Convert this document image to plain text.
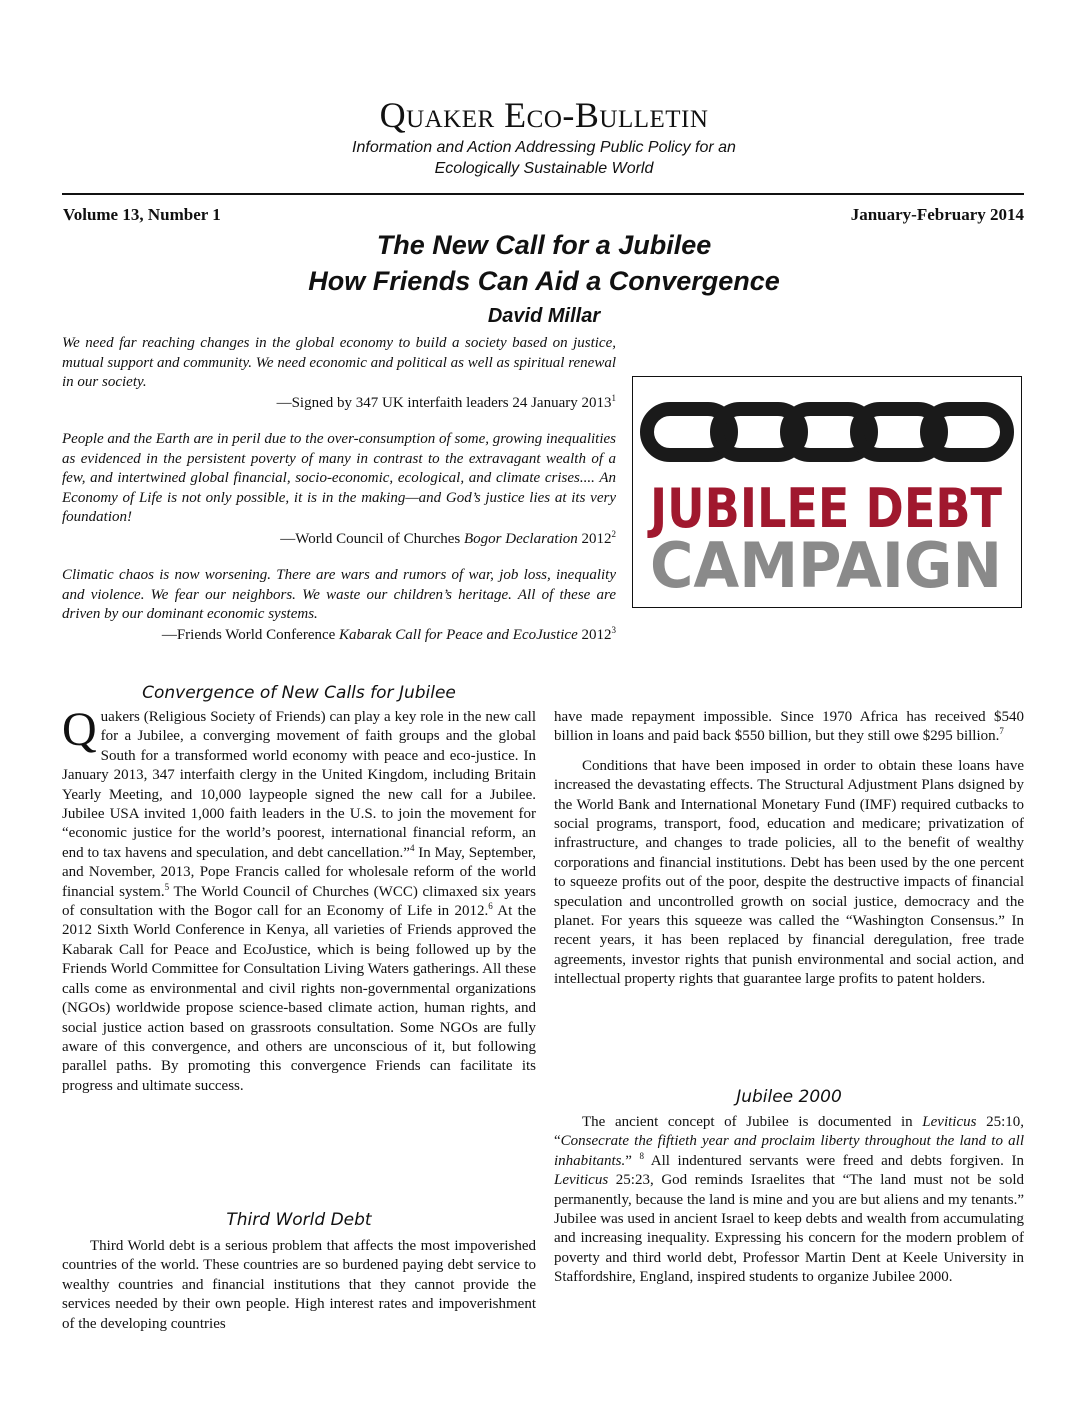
Quaker Eco-Bulletin
Information and Action Addressing Public Policy for an
Ecologically Sustainable World
Volume 13, Number 1	January-February 2014
The New Call for a Jubilee
How Friends Can Aid a Convergence
David Millar
We need far reaching changes in the global economy to build a society based on justice, mutual support and community. We need economic and political as well as spiritual renewal in our society.
—Signed by 347 UK interfaith leaders 24 January 2013$^1$
People and the Earth are in peril due to the over-consumption of some, growing inequalities as evidenced in the persistent poverty of many in contrast to the extravagant wealth of a few, and intertwined global financial, socio-economic, ecological, and climate crises.... An Economy of Life is not only possible, it is in the making—and God’s justice lies at its very foundation!
—World Council of Churches Bogor Declaration 2012$^2$
Climatic chaos is now worsening. There are wars and rumors of war, job loss, inequality and violence. We fear our neighbors. We waste our children’s heritage. All of these are driven by our dominant economic systems.
—Friends World Conference Kabarak Call for Peace and EcoJustice 2012$^3$
JUBILEE DEBT
CAMPAIGN
Convergence of New Calls for Jubilee

Quakers (Religious Society of Friends) can play a key role in the new call for a Jubilee, a converging movement of faith groups and the global South for a transformed world economy with peace and eco-justice. In January 2013, 347 interfaith clergy in the United Kingdom, including Britain Yearly Meeting, and 10,000 laypeople signed the new call for a Jubilee. Jubilee USA invited 1,000 faith leaders in the U.S. to join the movement for “economic justice for the world’s poorest, international financial reform, an end to tax havens and speculation, and debt cancellation.”$^4$ In May, September, and November, 2013, Pope Francis called for wholesale reform of the world financial system.$^5$ The World Council of Churches (WCC) climaxed six years of consultation with the Bogor call for an Economy of Life in 2012.$^6$ At the 2012 Sixth World Conference in Kenya, all varieties of Friends approved the Kabarak Call for Peace and EcoJustice, which is being followed up by the Friends World Committee for Consultation Living Waters gatherings. All these calls come as environmental and civil rights non-governmental organizations (NGOs) worldwide propose science-based climate action, human rights, and social justice action based on grassroots consultation. Some NGOs are fully aware of this convergence, and others are unconscious of it, but following parallel paths. By promoting this convergence Friends can facilitate its progress and ultimate success.

Third World Debt

Third World debt is a serious problem that affects the most impoverished countries of the world. These countries are so burdened paying debt service to wealthy countries and financial institutions that they cannot provide the services needed by their own people. High interest rates and impoverishment of the developing countries

have made repayment impossible. Since 1970 Africa has received $540 billion in loans and paid back $550 billion, but they still owe $295 billion.$^7$

Conditions that have been imposed in order to obtain these loans have increased the devastating effects. The Structural Adjustment Plans dsigned by the World Bank and International Monetary Fund (IMF) required cutbacks to social programs, transport, food, education and medicare; privatization of infrastructure, and changes to trade policies, all to the benefit of wealthy corporations and financial institutions. Debt has been used by the one percent to squeeze profits out of the poor, despite the destructive impacts of financial speculation and uncontrolled growth on social justice, democracy and the planet. For years this squeeze was called the “Washington Consensus.” In recent years, it has been replaced by financial deregulation, free trade agreements, investor rights that punish environmental and social action, and intellectual property rights that guarantee large profits to patent holders.

Jubilee 2000

The ancient concept of Jubilee is documented in Leviticus 25:10, “Consecrate the fiftieth year and proclaim liberty throughout the land to all inhabitants.” $^8$ All indentured servants were freed and debts forgiven. In Leviticus 25:23, God reminds Israelites that “The land must not be sold permanently, because the land is mine and you are but aliens and my tenants.” Jubilee was used in ancient Israel to keep debts and wealth from accumulating and increasing inequality. Expressing his concern for the modern problem of poverty and third world debt, Professor Martin Dent at Keele University in Staffordshire, England, inspired students to organize Jubilee 2000.
